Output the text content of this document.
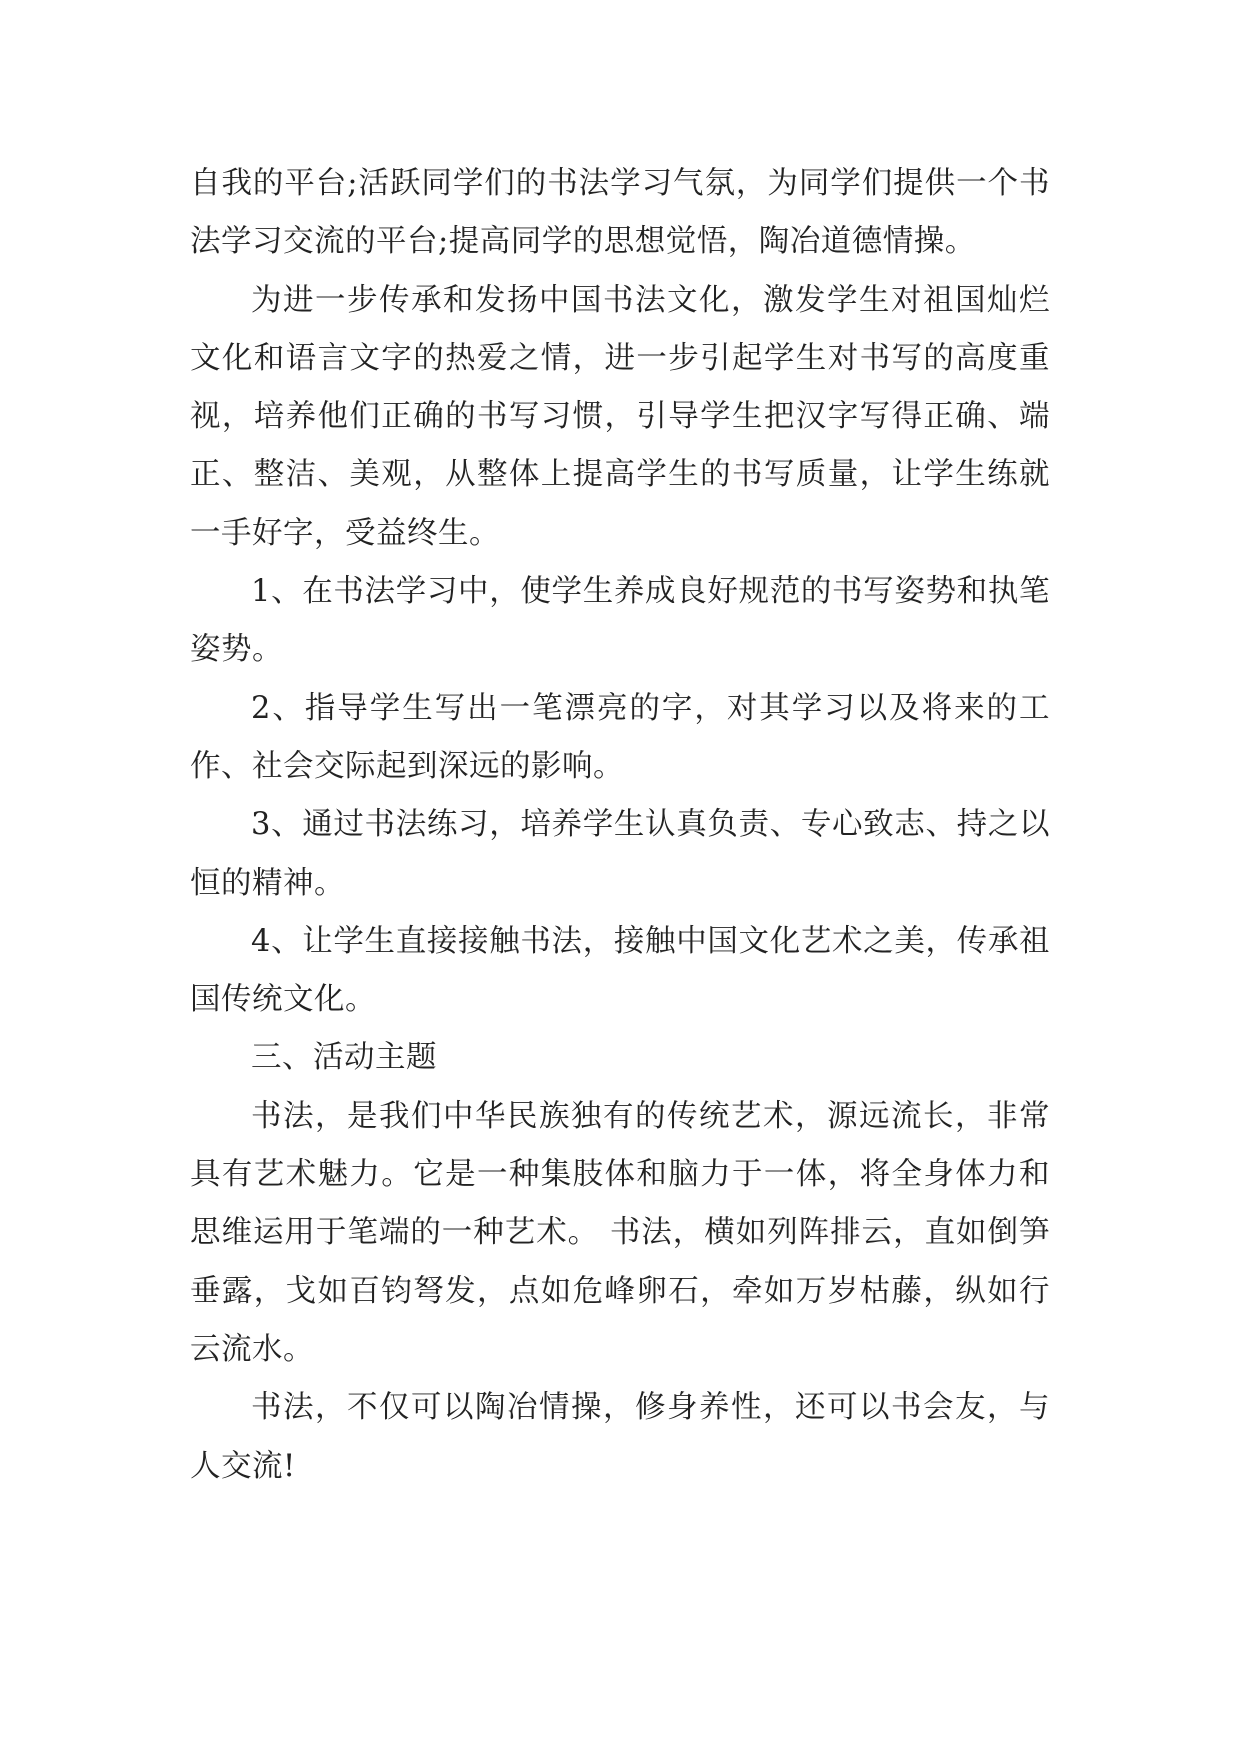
自我的平台;活跃同学们的书法学习气氛，为同学们提供一个书法学习交流的平台;提高同学的思想觉悟，陶冶道德情操。

为进一步传承和发扬中国书法文化，激发学生对祖国灿烂文化和语言文字的热爱之情，进一步引起学生对书写的高度重视，培养他们正确的书写习惯，引导学生把汉字写得正确、端正、整洁、美观，从整体上提高学生的书写质量，让学生练就一手好字，受益终生。

1、在书法学习中，使学生养成良好规范的书写姿势和执笔姿势。

2、指导学生写出一笔漂亮的字，对其学习以及将来的工作、社会交际起到深远的影响。

3、通过书法练习，培养学生认真负责、专心致志、持之以恒的精神。

4、让学生直接接触书法，接触中国文化艺术之美，传承祖国传统文化。

三、活动主题

书法，是我们中华民族独有的传统艺术，源远流长，非常具有艺术魅力。它是一种集肢体和脑力于一体，将全身体力和思维运用于笔端的一种艺术。 书法，横如列阵排云，直如倒笋垂露，戈如百钧弩发，点如危峰卵石，牵如万岁枯藤，纵如行云流水。

书法，不仅可以陶冶情操，修身养性，还可以书会友，与人交流!
